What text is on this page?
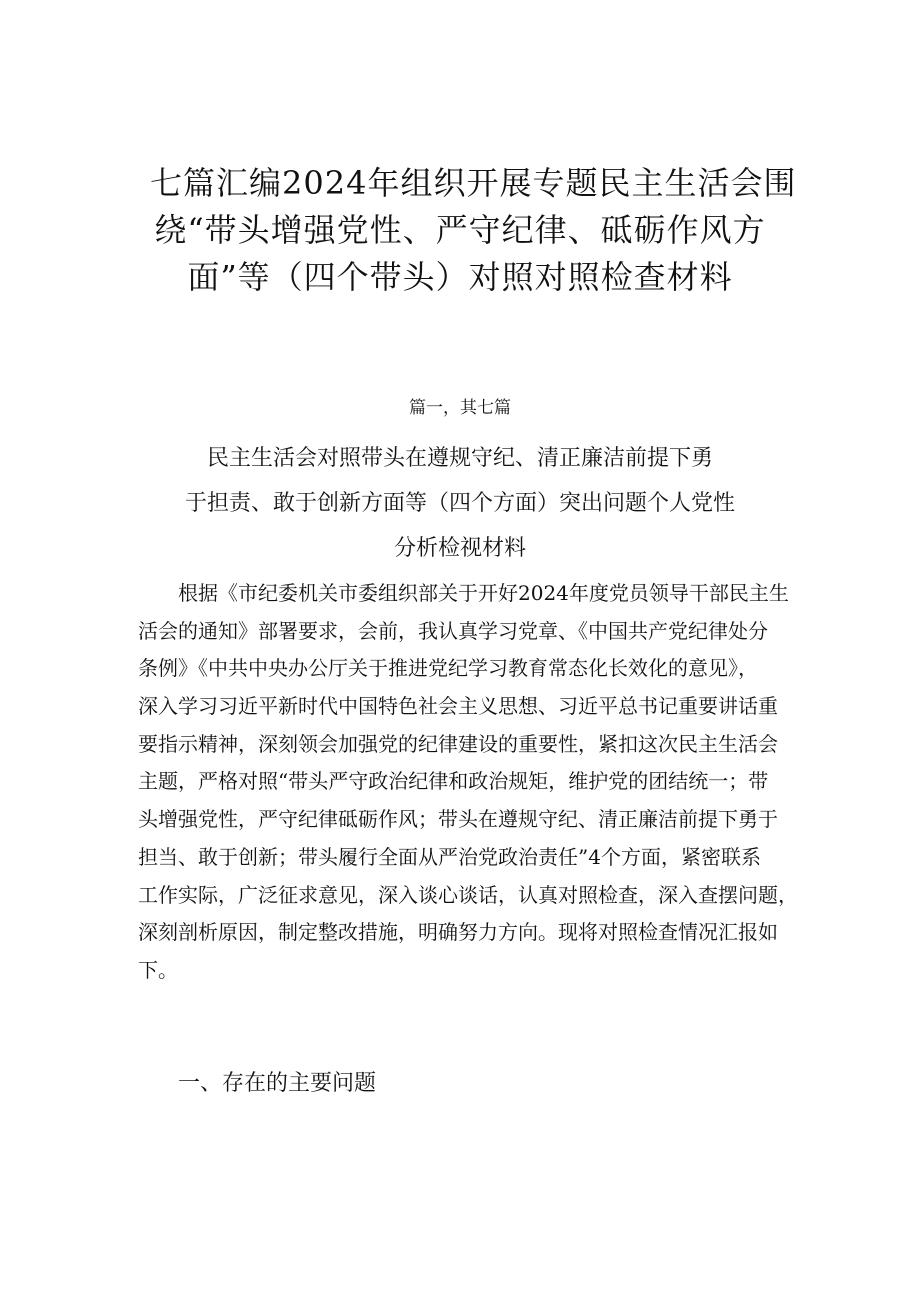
七篇汇编2024年组织开展专题民主生活会围
绕“带头增强党性、严守纪律、砥砺作风方
面”等（四个带头）对照对照检查材料
篇一，其七篇
民主生活会对照带头在遵规守纪、清正廉洁前提下勇
于担责、敢于创新方面等（四个方面）突出问题个人党性
分析检视材料
根据《市纪委机关市委组织部关于开好2024年度党员领导干部民主生
活会的通知》部署要求，会前，我认真学习党章、《中国共产党纪律处分
条例》《中共中央办公厅关于推进党纪学习教育常态化长效化的意见》，
深入学习习近平新时代中国特色社会主义思想、习近平总书记重要讲话重
要指示精神，深刻领会加强党的纪律建设的重要性，紧扣这次民主生活会
主题，严格对照“带头严守政治纪律和政治规矩，维护党的团结统一；带
头增强党性，严守纪律砥砺作风；带头在遵规守纪、清正廉洁前提下勇于
担当、敢于创新；带头履行全面从严治党政治责任”4个方面，紧密联系
工作实际，广泛征求意见，深入谈心谈话，认真对照检查，深入查摆问题，
深刻剖析原因，制定整改措施，明确努力方向。现将对照检查情况汇报如
下。
一、存在的主要问题
